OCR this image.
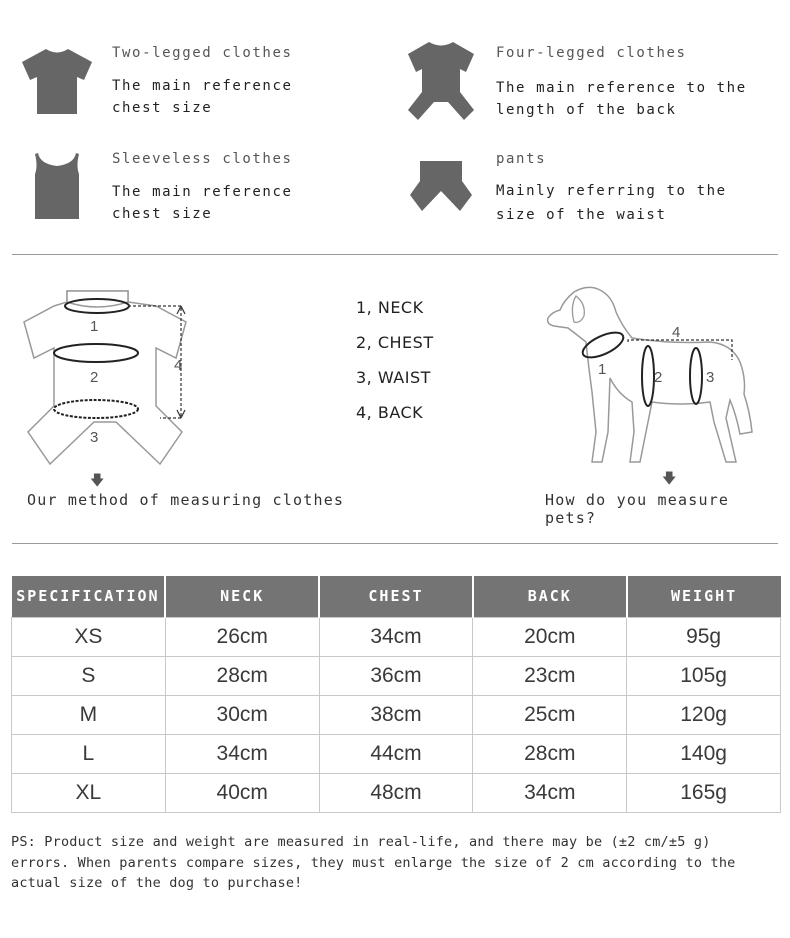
Two-legged clothes
The main reference
chest size
Four-legged clothes
The main reference to the
length of the back
Sleeveless clothes
The main reference
chest size
pants
Mainly referring to the
size of the waist
1
2
3
4
🡇
Our method of measuring clothes
1, NECK
2, CHEST
3, WAIST
4, BACK
1	2	3
4
🡇
How do you measure pets?
SPECIFICATION	NECK	CHEST	BACK	WEIGHT
XS	26cm	34cm	20cm	95g
S	28cm	36cm	23cm	105g
M	30cm	38cm	25cm	120g
L	34cm	44cm	28cm	140g
XL	40cm	48cm	34cm	165g
PS: Product size and weight are measured in real-life, and there may be (±2 cm/±5 g)
errors. When parents compare sizes, they must enlarge the size of 2 cm according to the
actual size of the dog to purchase!
